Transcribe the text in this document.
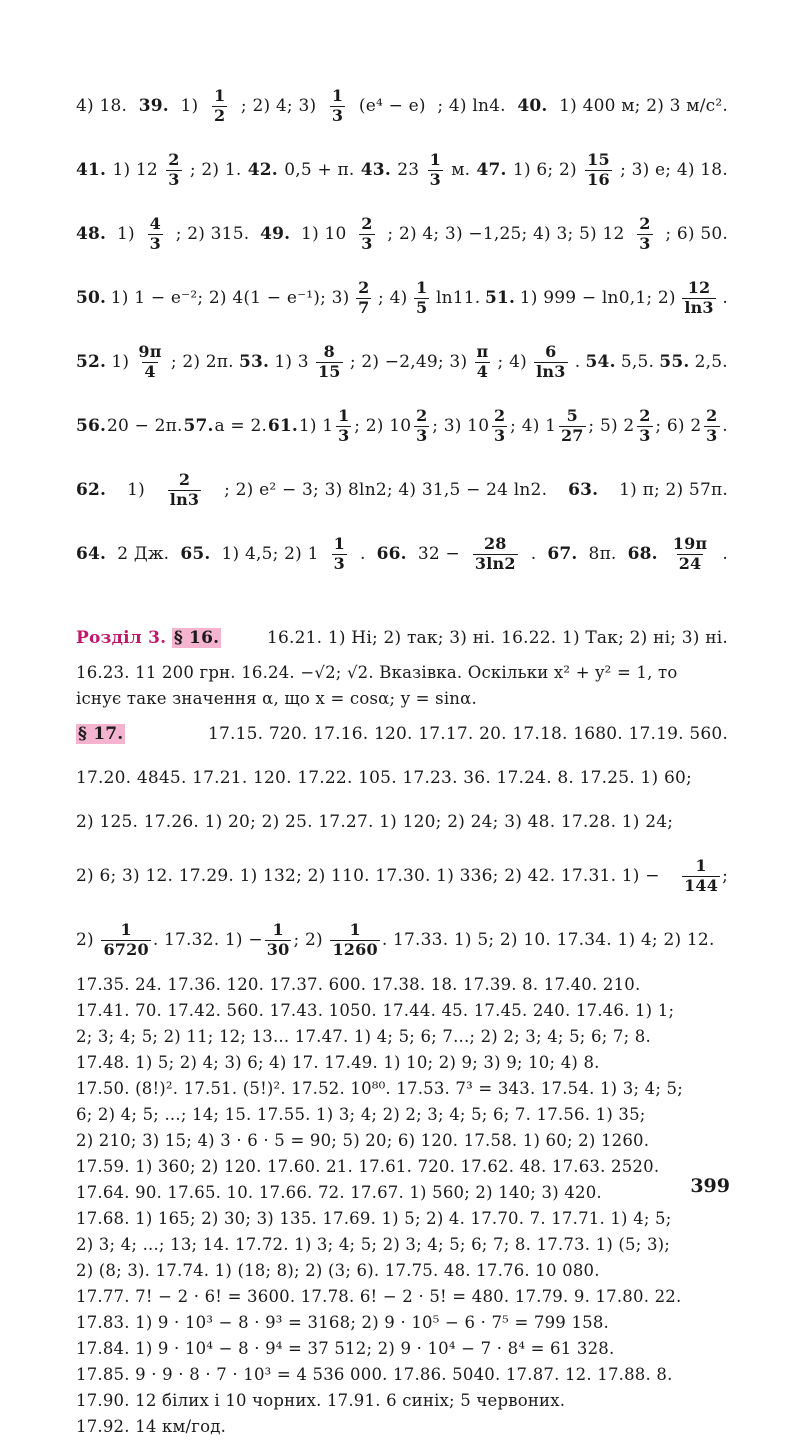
4) 18. 39. $1) \frac{1}{2}$ ; 2) 4; $3) \frac{1}{3} (e^4 - e)$ ; 4) ln4. 40. 1) 400 м; 2) 3 м/с².
41. 1) $12 \frac{2}{3}$ ; 2) 1. 42. 0,5 + π. 43. $23 \frac{1}{3} м$. 47. 1) 6; $2) \frac{15}{16}$ ; 3) e; 4) 18.
48. $1) \frac{4}{3}$ ; 2) 315. 49. 1) $10 \frac{2}{3}$ ; 2) 4; 3) −1,25; 4) 3; 5) $12 \frac{2}{3}$ ; 6) 50.
50. 1) 1 − e⁻²; 2) 4(1 − e⁻¹); $3) \frac{2}{7}$ ; $4) \frac{1}{5} \ln 11$. 51. 1) 999 − ln0,1; $2) \frac{12}{\ln 3}$ .
52. $1) \frac{9\pi}{4}$ ; 2) 2π. 53. 1) $3 \frac{8}{15}$ ; 2) −2,49; $3) \frac{\pi}{4}$ ; $4) \frac{6}{\ln 3}$ . 54. 5,5. 55. 2,5.
56. 20 − 2π. 57. a = 2. 61. 1) $1 \frac{1}{3}$ ; 2) $10 \frac{2}{3}$ ; 3) $10 \frac{2}{3}$ ; 4) $1 \frac{5}{27}$ ; 5) $2 \frac{2}{3}$ ; 6) $2 \frac{2}{3}$ .
62. $1) \frac{2}{\ln 3}$ ; 2) e² − 3; 3) 8ln2; 4) 31,5 − 24 ln2. 63. 1) π; 2) 57π.
64. 2 Дж. 65. 1) 4,5; 2) $1 \frac{1}{3}$ . 66. $32 - \frac{28}{3\ln 2}$ . 67. 8π. 68. $\frac{19\pi}{24}$ .
Розділ 3.
§ 16.
	16.21. 1) Ні; 2) так; 3) ні. 16.22. 1) Так; 2) ні; 3) ні.
16.23. 11 200 грн. 16.24. −√2; √2. Вказівка. Оскільки x² + y² = 1, то
існує таке значення α, що x = cosα; y = sinα.
§ 17.	17.15. 720. 17.16. 120. 17.17. 20. 17.18. 1680. 17.19. 560.
17.20. 4845. 17.21. 120. 17.22. 105. 17.23. 36. 17.24. 8. 17.25. 1) 60;
2) 125. 17.26. 1) 20; 2) 25. 17.27. 1) 120; 2) 24; 3) 48. 17.28. 1) 24;
2) 6; 3) 12. 17.29. 1) 132; 2) 110. 17.30. 1) 336; 2) 42. 17.31. $1) - \frac{1}{144}$ ;
2)
$\frac{1}{6720}$ . 17.32. $1) - \frac{1}{30}$ ; 2)
$\frac{1}{1260}$ . 17.33. 1) 5; 2) 10. 17.34. 1) 4; 2) 12.
17.35. 24. 17.36. 120. 17.37. 600. 17.38. 18. 17.39. 8. 17.40. 210.
17.41. 70. 17.42. 560. 17.43. 1050. 17.44. 45. 17.45. 240. 17.46. 1) 1;
2; 3; 4; 5; 2) 11; 12; 13... 17.47. 1) 4; 5; 6; 7...; 2) 2; 3; 4; 5; 6; 7; 8.
17.48. 1) 5; 2) 4; 3) 6; 4) 17. 17.49. 1) 10; 2) 9; 3) 9; 10; 4) 8.
17.50. (8!)². 17.51. (5!)². 17.52. 10⁸⁰. 17.53. 7³ = 343. 17.54. 1) 3; 4; 5;
6; 2) 4; 5; ...; 14; 15. 17.55. 1) 3; 4; 2) 2; 3; 4; 5; 6; 7. 17.56. 1) 35;
2) 210; 3) 15; 4) 3 · 6 · 5 = 90; 5) 20; 6) 120. 17.58. 1) 60; 2) 1260.
17.59. 1) 360; 2) 120. 17.60. 21. 17.61. 720. 17.62. 48. 17.63. 2520.
17.64. 90. 17.65. 10. 17.66. 72. 17.67. 1) 560; 2) 140; 3) 420.
17.68. 1) 165; 2) 30; 3) 135. 17.69. 1) 5; 2) 4. 17.70. 7. 17.71. 1) 4; 5;
2) 3; 4; ...; 13; 14. 17.72. 1) 3; 4; 5; 2) 3; 4; 5; 6; 7; 8. 17.73. 1) (5; 3);
2) (8; 3). 17.74. 1) (18; 8); 2) (3; 6). 17.75. 48. 17.76. 10 080.
17.77. 7! − 2 · 6! = 3600. 17.78. 6! − 2 · 5! = 480. 17.79. 9. 17.80. 22.
17.83. 1) 9 · 10³ − 8 · 9³ = 3168; 2) 9 · 10⁵ − 6 · 7⁵ = 799 158.
17.84. 1) 9 · 10⁴ − 8 · 9⁴ = 37 512; 2) 9 · 10⁴ − 7 · 8⁴ = 61 328.
17.85. 9 · 9 · 8 · 7 · 10³ = 4 536 000. 17.86. 5040. 17.87. 12. 17.88. 8.
17.90. 12 білих і 10 чорних. 17.91. 6 синіх; 5 червоних.
17.92. 14 км/год.
399
